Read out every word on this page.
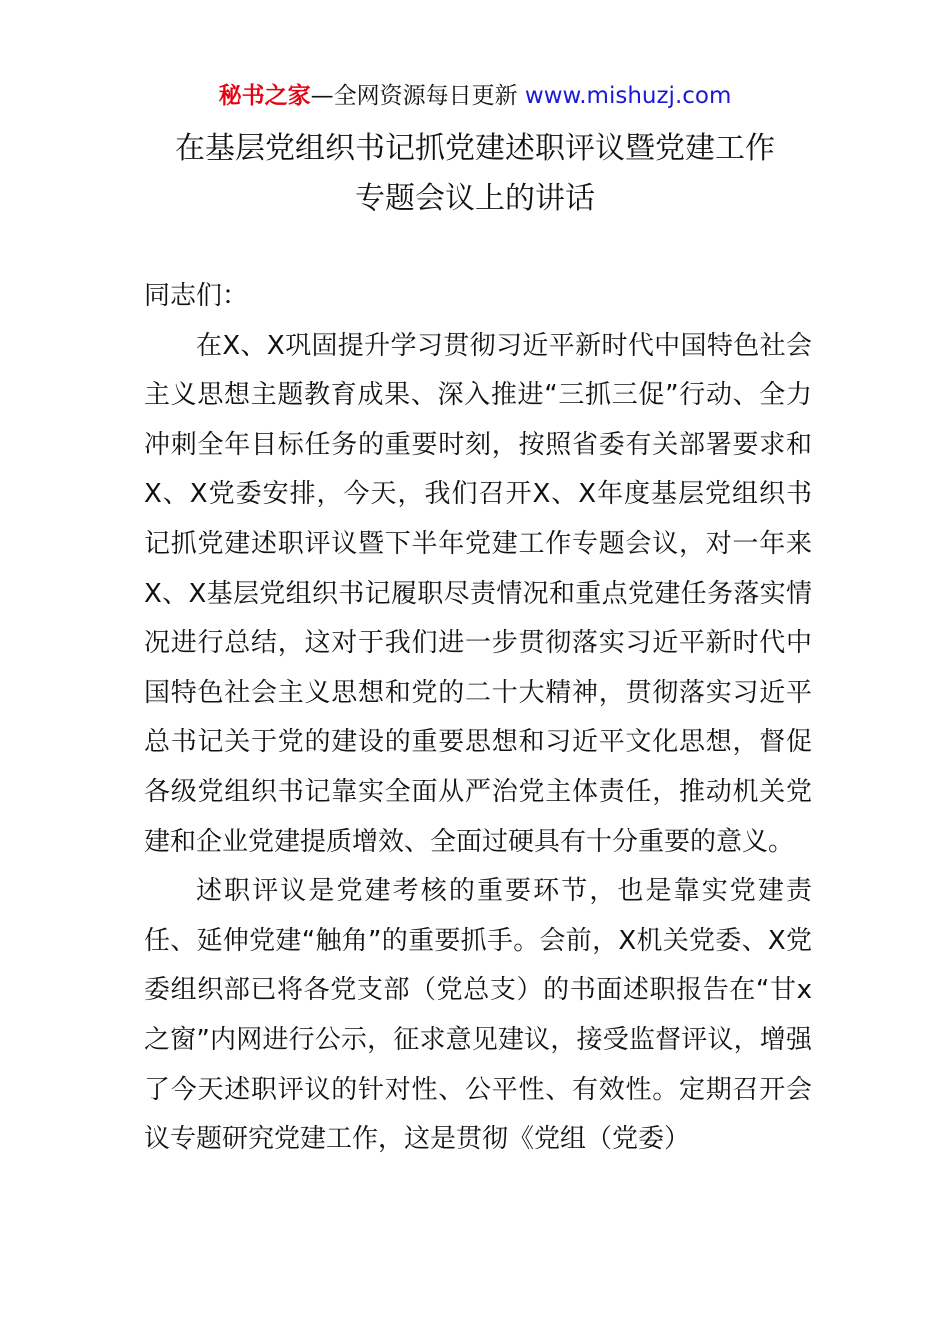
秘书之家—全网资源每日更新 www.mishuzj.com
在基层党组织书记抓党建述职评议暨党建工作
专题会议上的讲话

同志们：

在X、X巩固提升学习贯彻习近平新时代中国特色社会主义思想主题教育成果、深入推进“三抓三促”行动、全力冲刺全年目标任务的重要时刻，按照省委有关部署要求和X、X党委安排，今天，我们召开X、X年度基层党组织书记抓党建述职评议暨下半年党建工作专题会议，对一年来X、X基层党组织书记履职尽责情况和重点党建任务落实情况进行总结，这对于我们进一步贯彻落实习近平新时代中国特色社会主义思想和党的二十大精神，贯彻落实习近平总书记关于党的建设的重要思想和习近平文化思想，督促各级党组织书记靠实全面从严治党主体责任，推动机关党建和企业党建提质增效、全面过硬具有十分重要的意义。

述职评议是党建考核的重要环节，也是靠实党建责任、延伸党建“触角”的重要抓手。会前，X机关党委、X党委组织部已将各党支部（党总支）的书面述职报告在“甘x之窗”内网进行公示，征求意见建议，接受监督评议，增强了今天述职评议的针对性、公平性、有效性。定期召开会议专题研究党建工作，这是贯彻《党组（党委）
